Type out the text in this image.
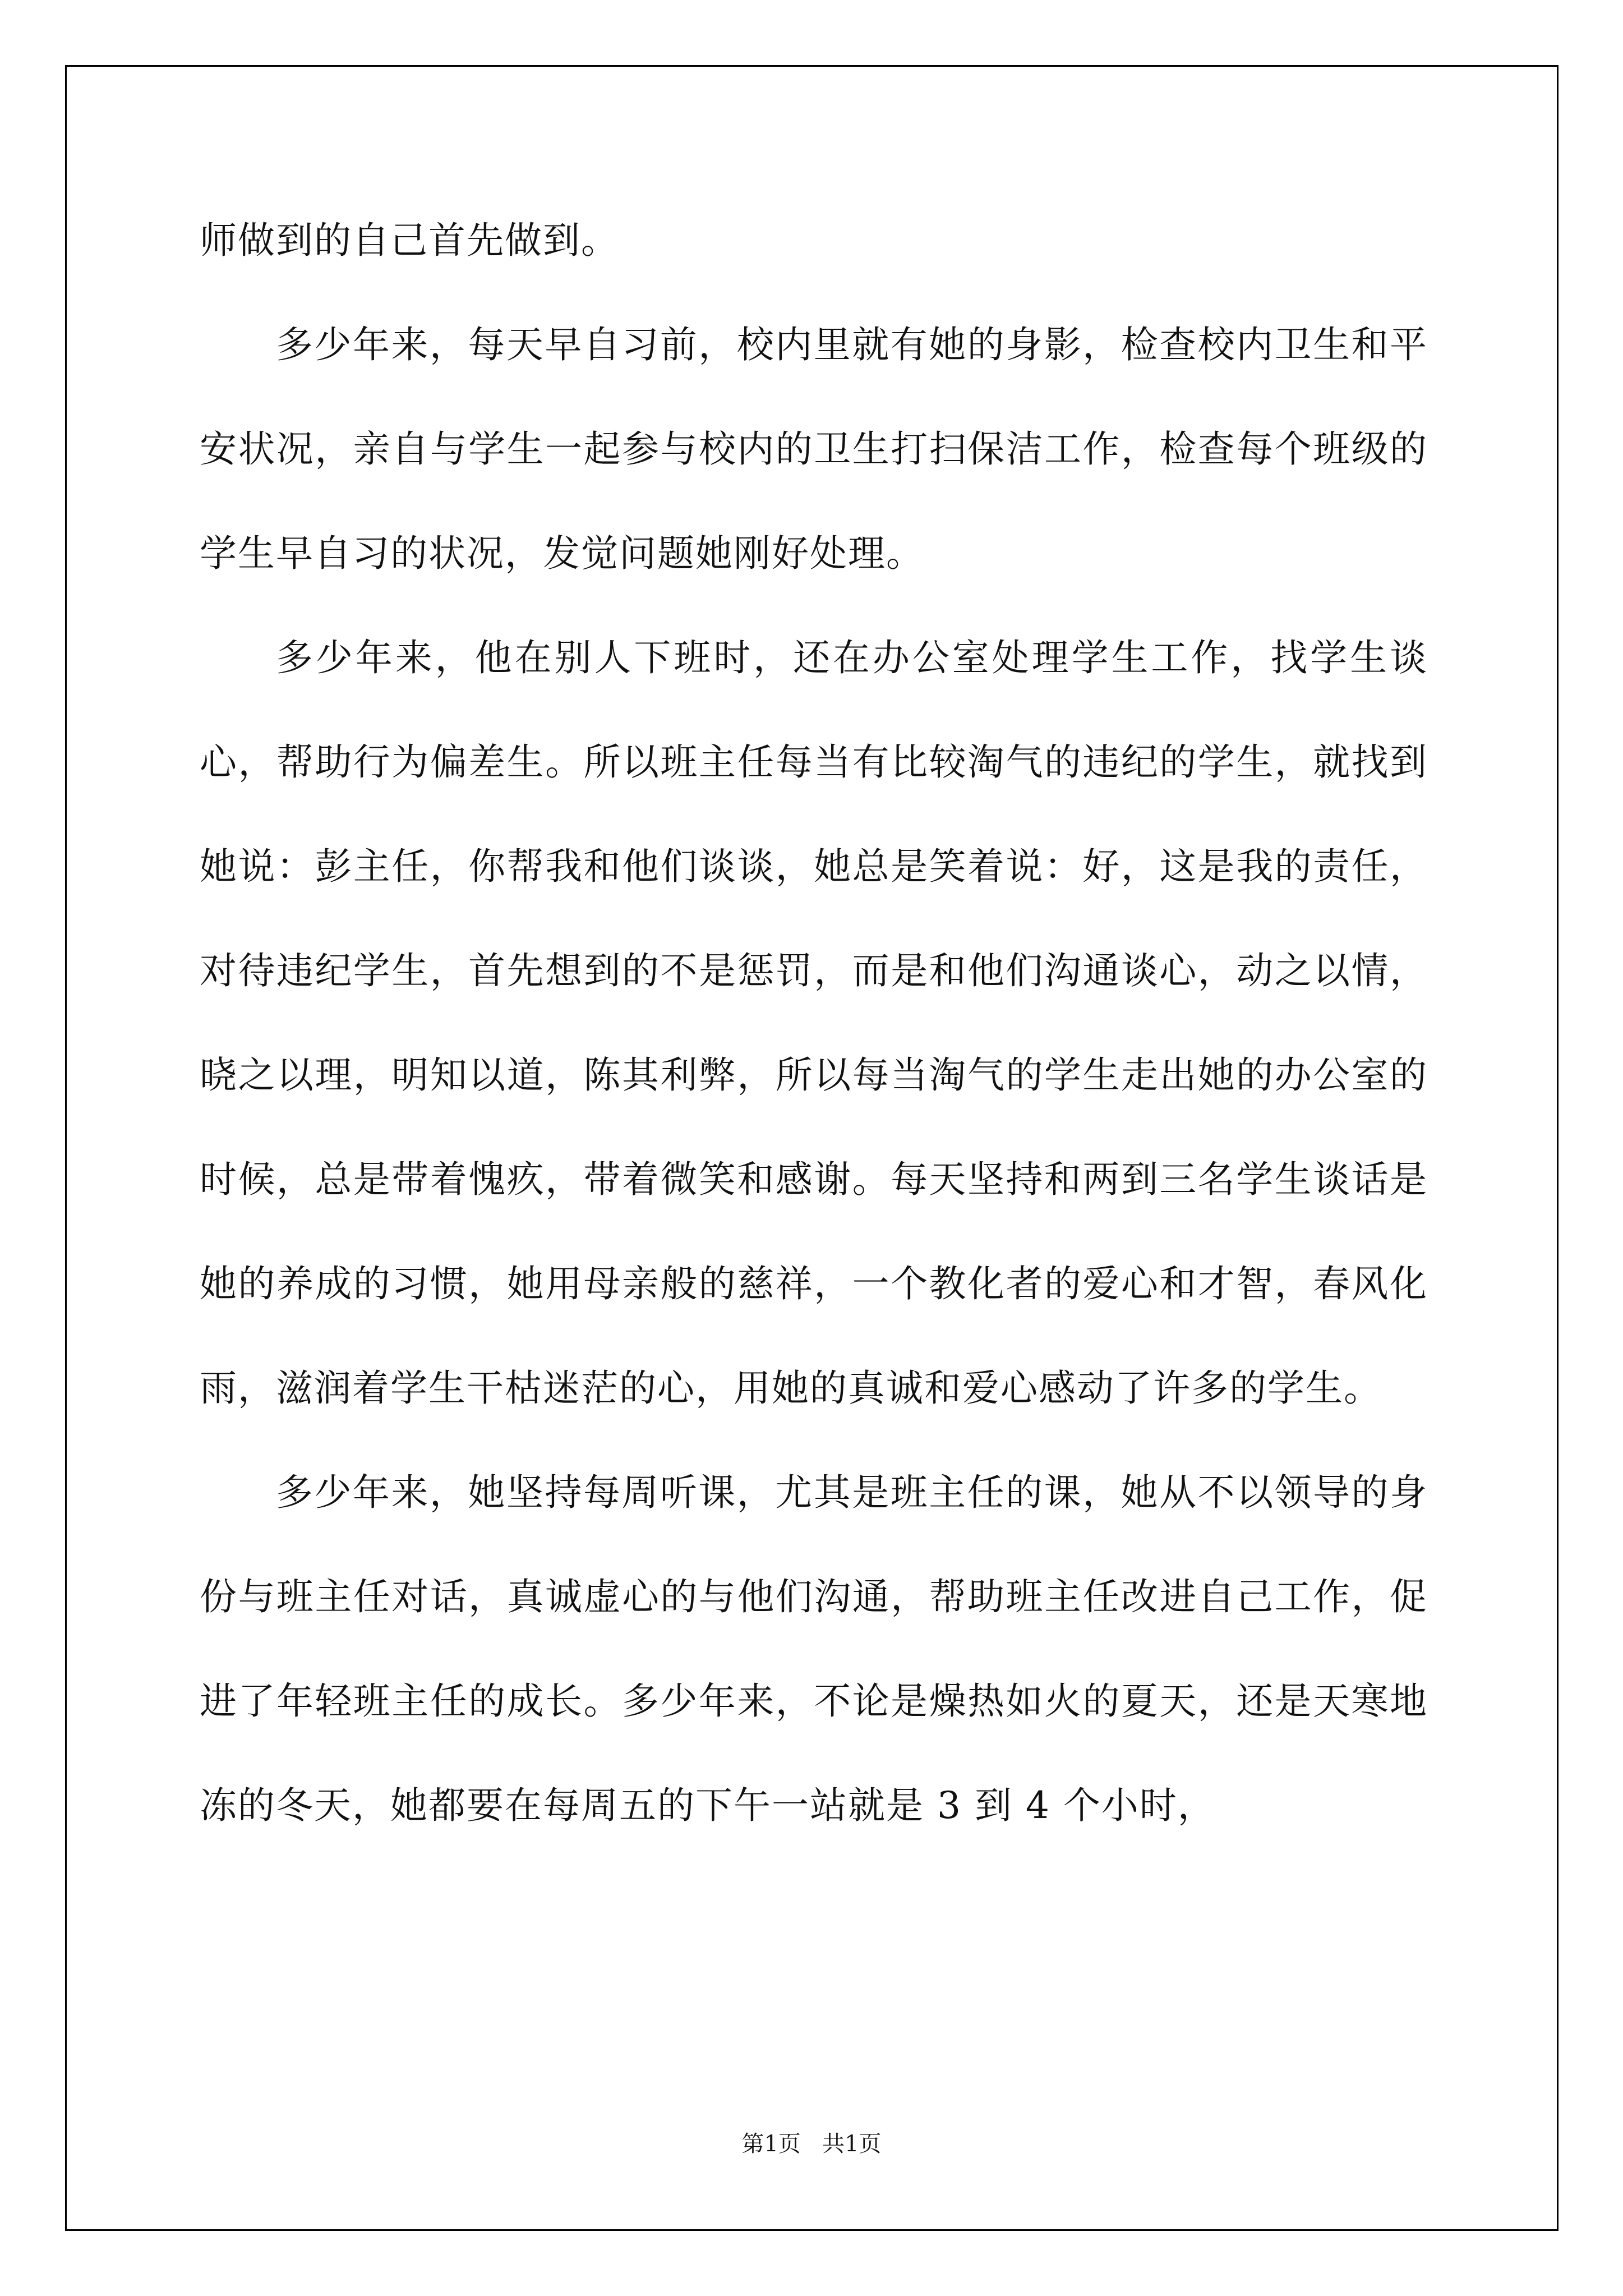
师做到的自己首先做到。

多少年来，每天早自习前，校内里就有她的身影，检查校内卫生和平安状况，亲自与学生一起参与校内的卫生打扫保洁工作，检查每个班级的学生早自习的状况，发觉问题她刚好处理。

多少年来，他在别人下班时，还在办公室处理学生工作，找学生谈心，帮助行为偏差生。所以班主任每当有比较淘气的违纪的学生，就找到她说：彭主任，你帮我和他们谈谈，她总是笑着说：好，这是我的责任，对待违纪学生，首先想到的不是惩罚，而是和他们沟通谈心，动之以情，晓之以理，明知以道，陈其利弊，所以每当淘气的学生走出她的办公室的时候，总是带着愧疚，带着微笑和感谢。每天坚持和两到三名学生谈话是她的养成的习惯，她用母亲般的慈祥，一个教化者的爱心和才智，春风化雨，滋润着学生干枯迷茫的心，用她的真诚和爱心感动了许多的学生。

多少年来，她坚持每周听课，尤其是班主任的课，她从不以领导的身份与班主任对话，真诚虚心的与他们沟通，帮助班主任改进自己工作，促进了年轻班主任的成长。多少年来，不论是燥热如火的夏天，还是天寒地冻的冬天，她都要在每周五的下午一站就是 3 到 4 个小时，

第1页   共1页
